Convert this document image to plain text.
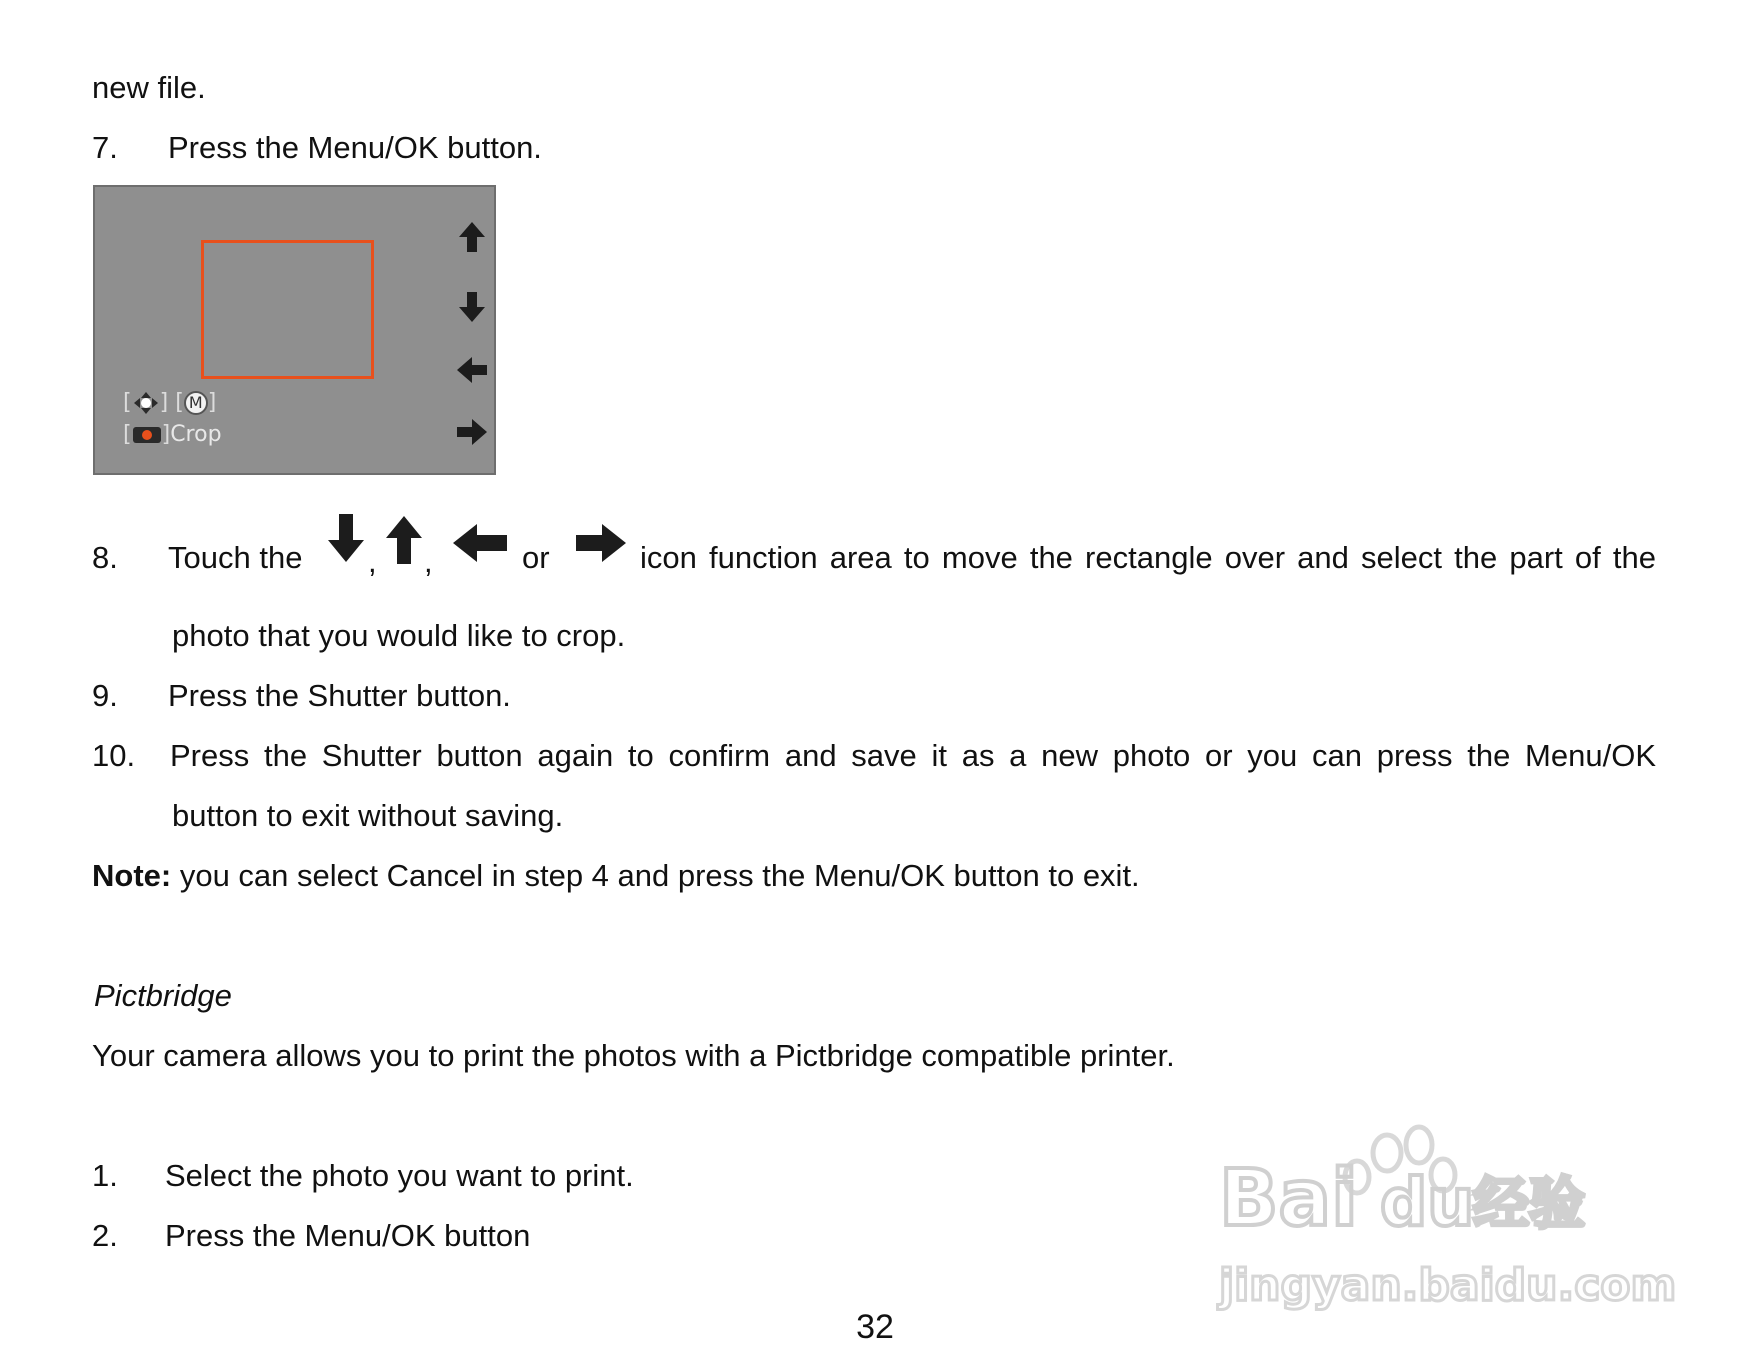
new file.
7. Press the Menu/OK button.
[ ] [ M ]
[ ]Crop
8. Touch the , ,	or	icon function area to move the rectangle over and select the part of the
photo that you would like to crop.
9. Press the Shutter button.
10. Press the Shutter button again to confirm and save it as a new photo or you can press the Menu/OK
button to exit without saving.
Note: you can select Cancel in step 4 and press the Menu/OK button to exit.
Pictbridge
Your camera allows you to print the photos with a Pictbridge compatible printer.
1. Select the photo you want to print.
2. Press the Menu/OK button
32
Bai du
经验
jingyan.baidu.com
